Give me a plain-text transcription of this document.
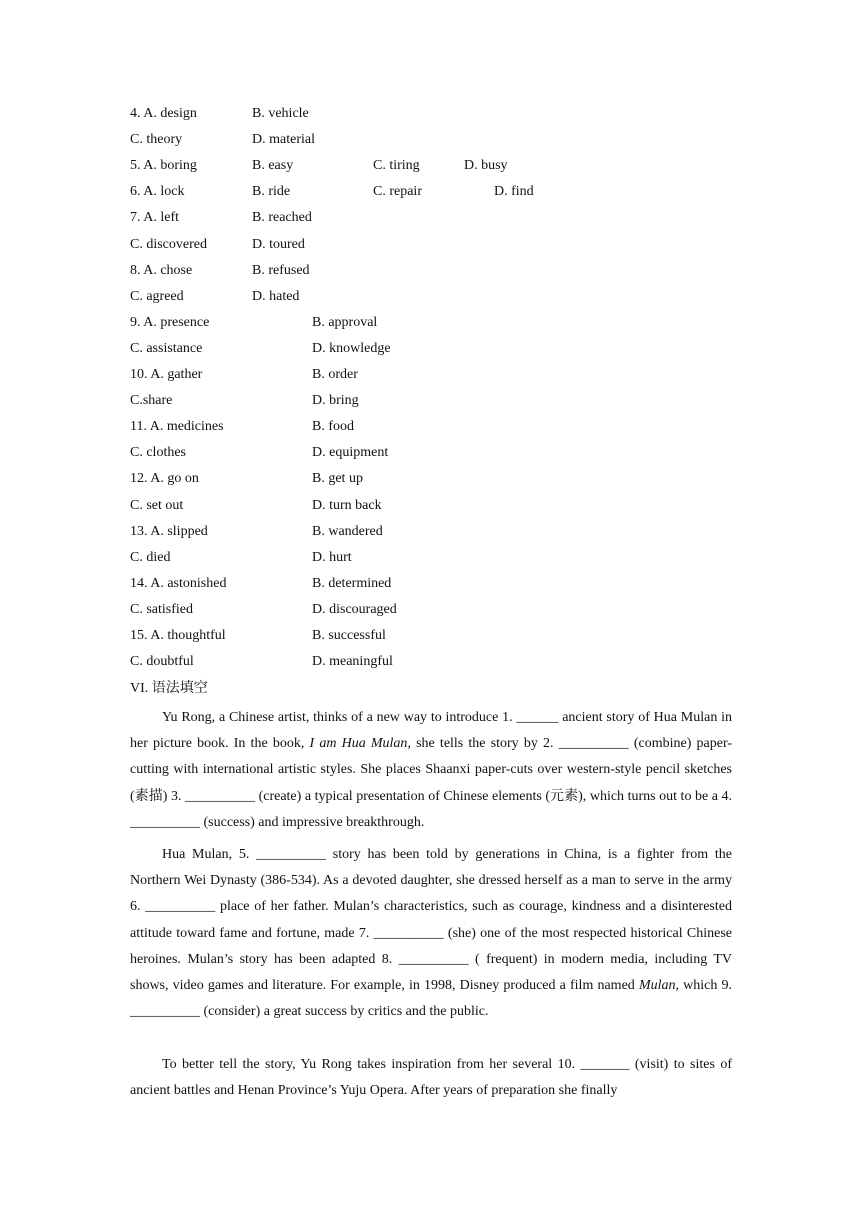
4. A. design	B. vehicle
C. theory	D. material
5. A. boring	B. easy	C. tiring	D. busy
6. A. lock	B. ride	C. repair	D. find
7. A. left	B. reached
C. discovered	D. toured
8. A. chose	B. refused
C. agreed	D. hated
9. A. presence	B. approval
C. assistance	D. knowledge
10. A. gather	B. order
C.share	D. bring
11. A. medicines	B. food
C. clothes	D. equipment
12. A. go on	B. get up
C. set out	D. turn back
13. A. slipped	B. wandered
C. died	D. hurt
14. A. astonished	B. determined
C. satisfied	D. discouraged
15. A. thoughtful	B. successful
C. doubtful	D. meaningful
VI. 语法填空

Yu Rong, a Chinese artist, thinks of a new way to introduce 1. ______ ancient story of Hua Mulan in her picture book. In the book, I am Hua Mulan, she tells the story by 2. __________ (combine) paper-cutting with international artistic styles. She places Shaanxi paper-cuts over western-style pencil sketches (素描) 3. __________ (create) a typical presentation of Chinese elements (元素), which turns out to be a 4. __________ (success) and impressive breakthrough.

Hua Mulan, 5. __________ story has been told by generations in China, is a fighter from the Northern Wei Dynasty (386-534). As a devoted daughter, she dressed herself as a man to serve in the army 6. __________ place of her father. Mulan’s characteristics, such as courage, kindness and a disinterested attitude toward fame and fortune, made 7. __________ (she) one of the most respected historical Chinese heroines. Mulan’s story has been adapted 8. __________ ( frequent) in modern media, including TV shows, video games and literature. For example, in 1998, Disney produced a film named Mulan, which 9. __________ (consider) a great success by critics and the public.

To better tell the story, Yu Rong takes inspiration from her several 10. _______ (visit) to sites of ancient battles and Henan Province’s Yuju Opera. After years of preparation she finally
